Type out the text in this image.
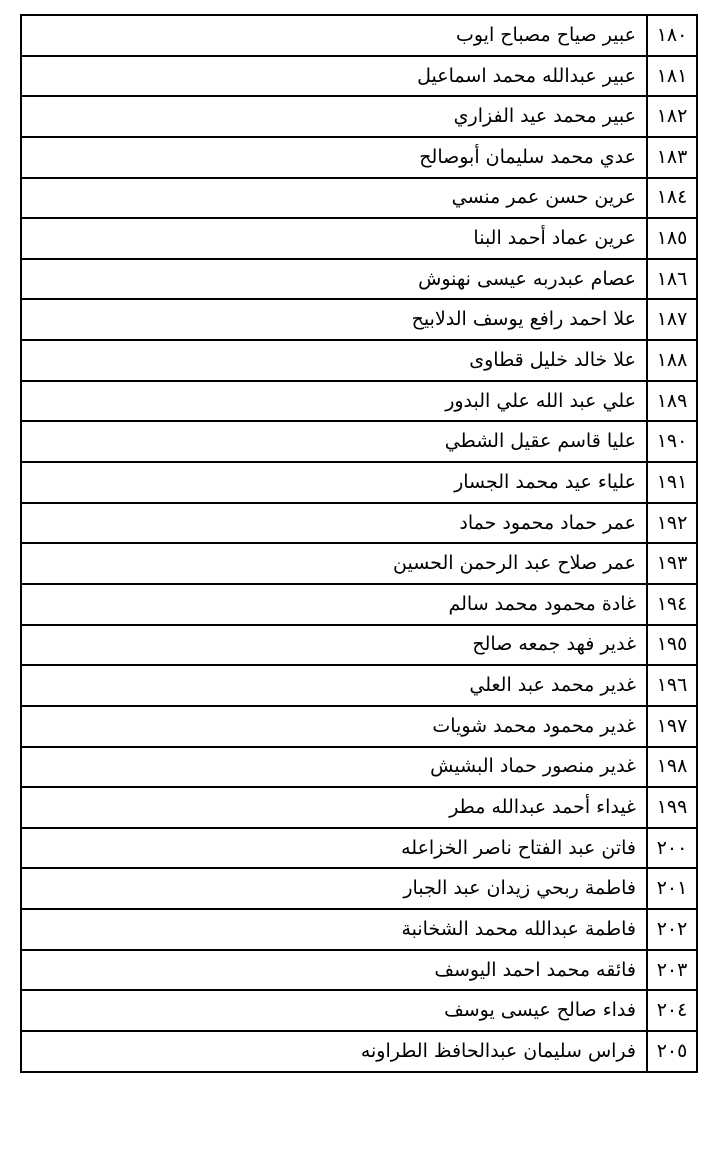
١٨٠	عبير صياح مصباح ايوب
١٨١	عبير عبدالله محمد اسماعيل
١٨٢	عبير محمد عيد الفزاري
١٨٣	عدي محمد سليمان أبوصالح
١٨٤	عرين حسن عمر منسي
١٨٥	عرين عماد أحمد البنا
١٨٦	عصام عبدربه عيسى نهنوش
١٨٧	علا احمد رافع يوسف الدلابيح
١٨٨	علا خالد خليل قطاوى
١٨٩	علي عبد الله علي البدور
١٩٠	عليا قاسم عقيل الشطي
١٩١	علياء عيد محمد الجسار
١٩٢	عمر حماد محمود حماد
١٩٣	عمر صلاح عبد الرحمن الحسين
١٩٤	غادة محمود محمد سالم
١٩٥	غدير فهد جمعه صالح
١٩٦	غدير محمد عبد العلي
١٩٧	غدير محمود محمد شويات
١٩٨	غدير منصور حماد البشيش
١٩٩	غيداء أحمد عبدالله مطر
٢٠٠	فاتن عبد الفتاح ناصر الخزاعله
٢٠١	فاطمة ربحي زيدان عبد الجبار
٢٠٢	فاطمة عبدالله محمد الشخانبة
٢٠٣	فائقه محمد احمد اليوسف
٢٠٤	فداء صالح عيسى يوسف
٢٠٥	فراس سليمان عبدالحافظ الطراونه
